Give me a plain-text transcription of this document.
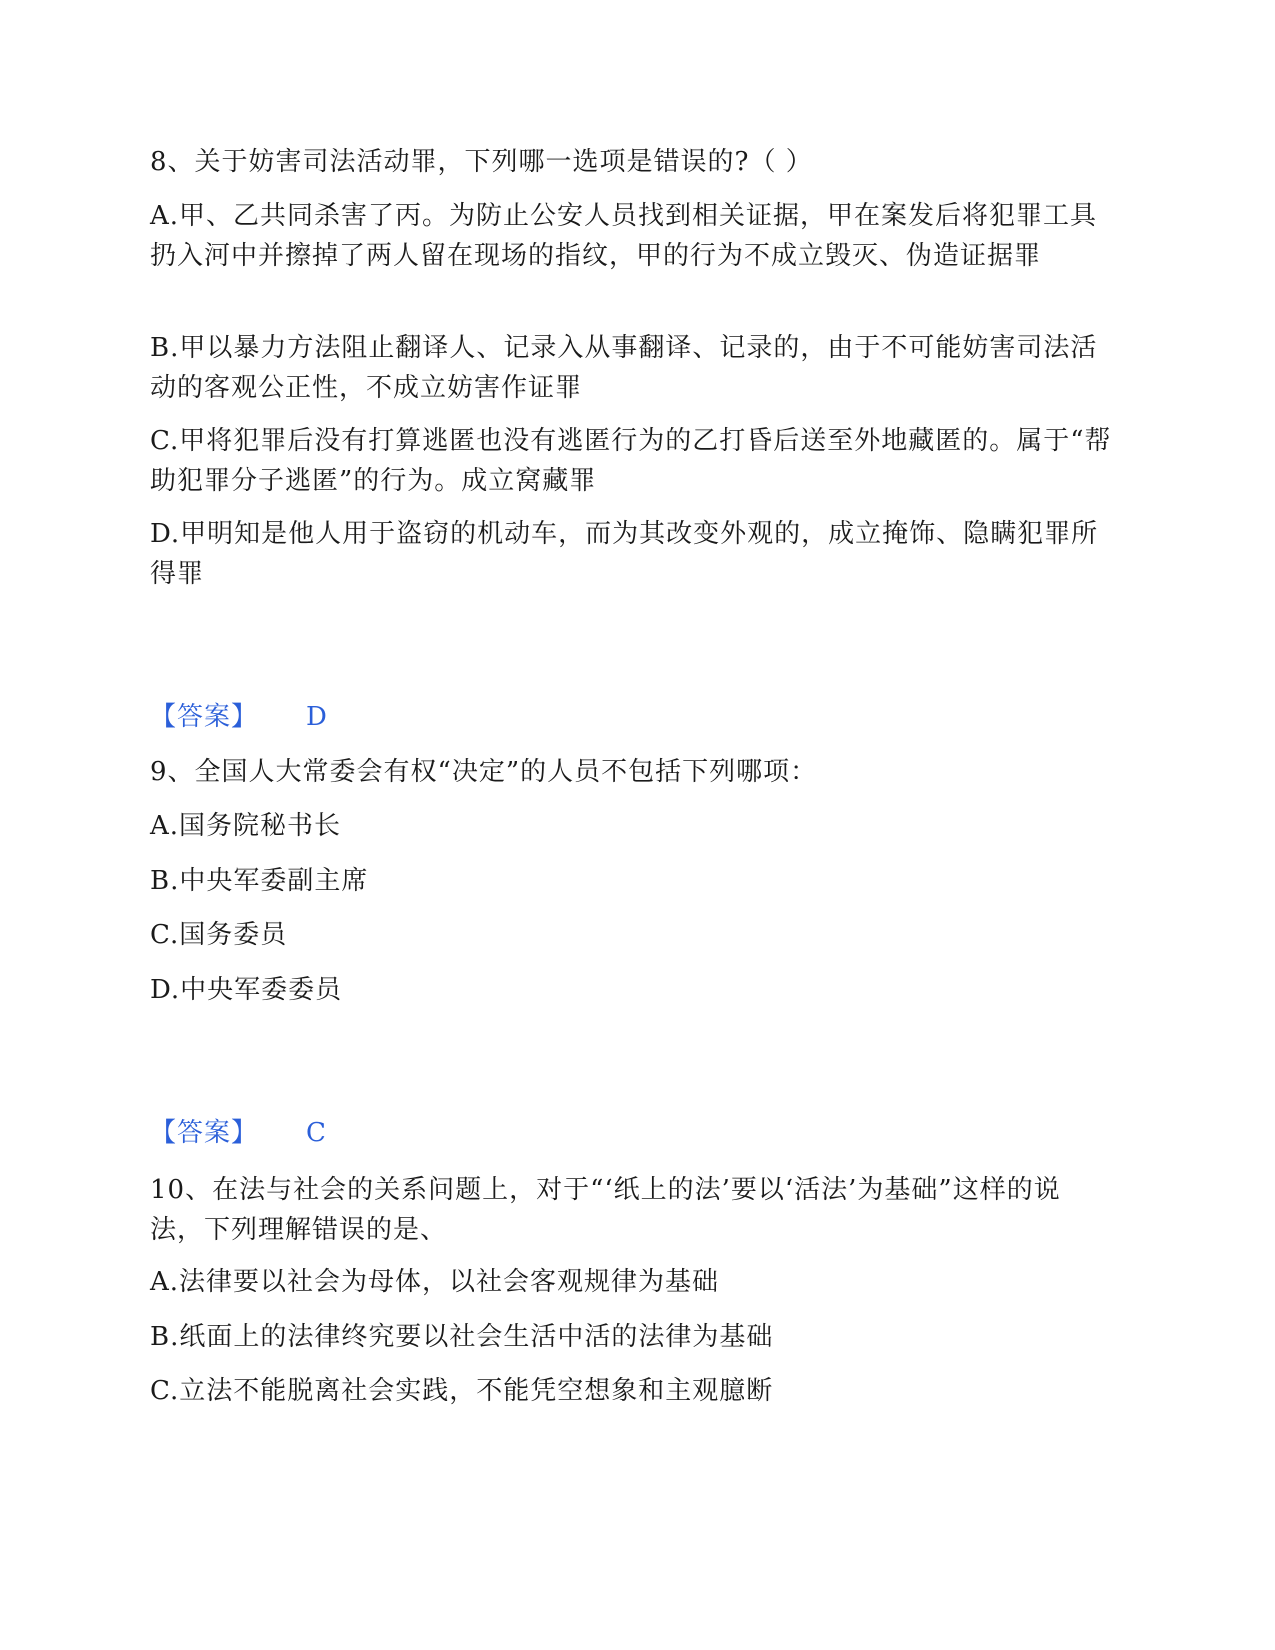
8、关于妨害司法活动罪，下列哪一选项是错误的?（ ）
A.甲、乙共同杀害了丙。为防止公安人员找到相关证据，甲在案发后将犯罪工具扔入河中并擦掉了两人留在现场的指纹，甲的行为不成立毁灭、伪造证据罪
B.甲以暴力方法阻止翻译人、记录入从事翻译、记录的，由于不可能妨害司法活动的客观公正性，不成立妨害作证罪
C.甲将犯罪后没有打算逃匿也没有逃匿行为的乙打昏后送至外地藏匿的。属于“帮助犯罪分子逃匿”的行为。成立窝藏罪
D.甲明知是他人用于盗窃的机动车，而为其改变外观的，成立掩饰、隐瞒犯罪所得罪
【答案】 D
9、全国人大常委会有权“决定”的人员不包括下列哪项：
A.国务院秘书长
B.中央军委副主席
C.国务委员
D.中央军委委员
【答案】 C
10、在法与社会的关系问题上，对于“‘纸上的法’要以‘活法’为基础”这样的说法，下列理解错误的是、
A.法律要以社会为母体，以社会客观规律为基础
B.纸面上的法律终究要以社会生活中活的法律为基础
C.立法不能脱离社会实践，不能凭空想象和主观臆断
